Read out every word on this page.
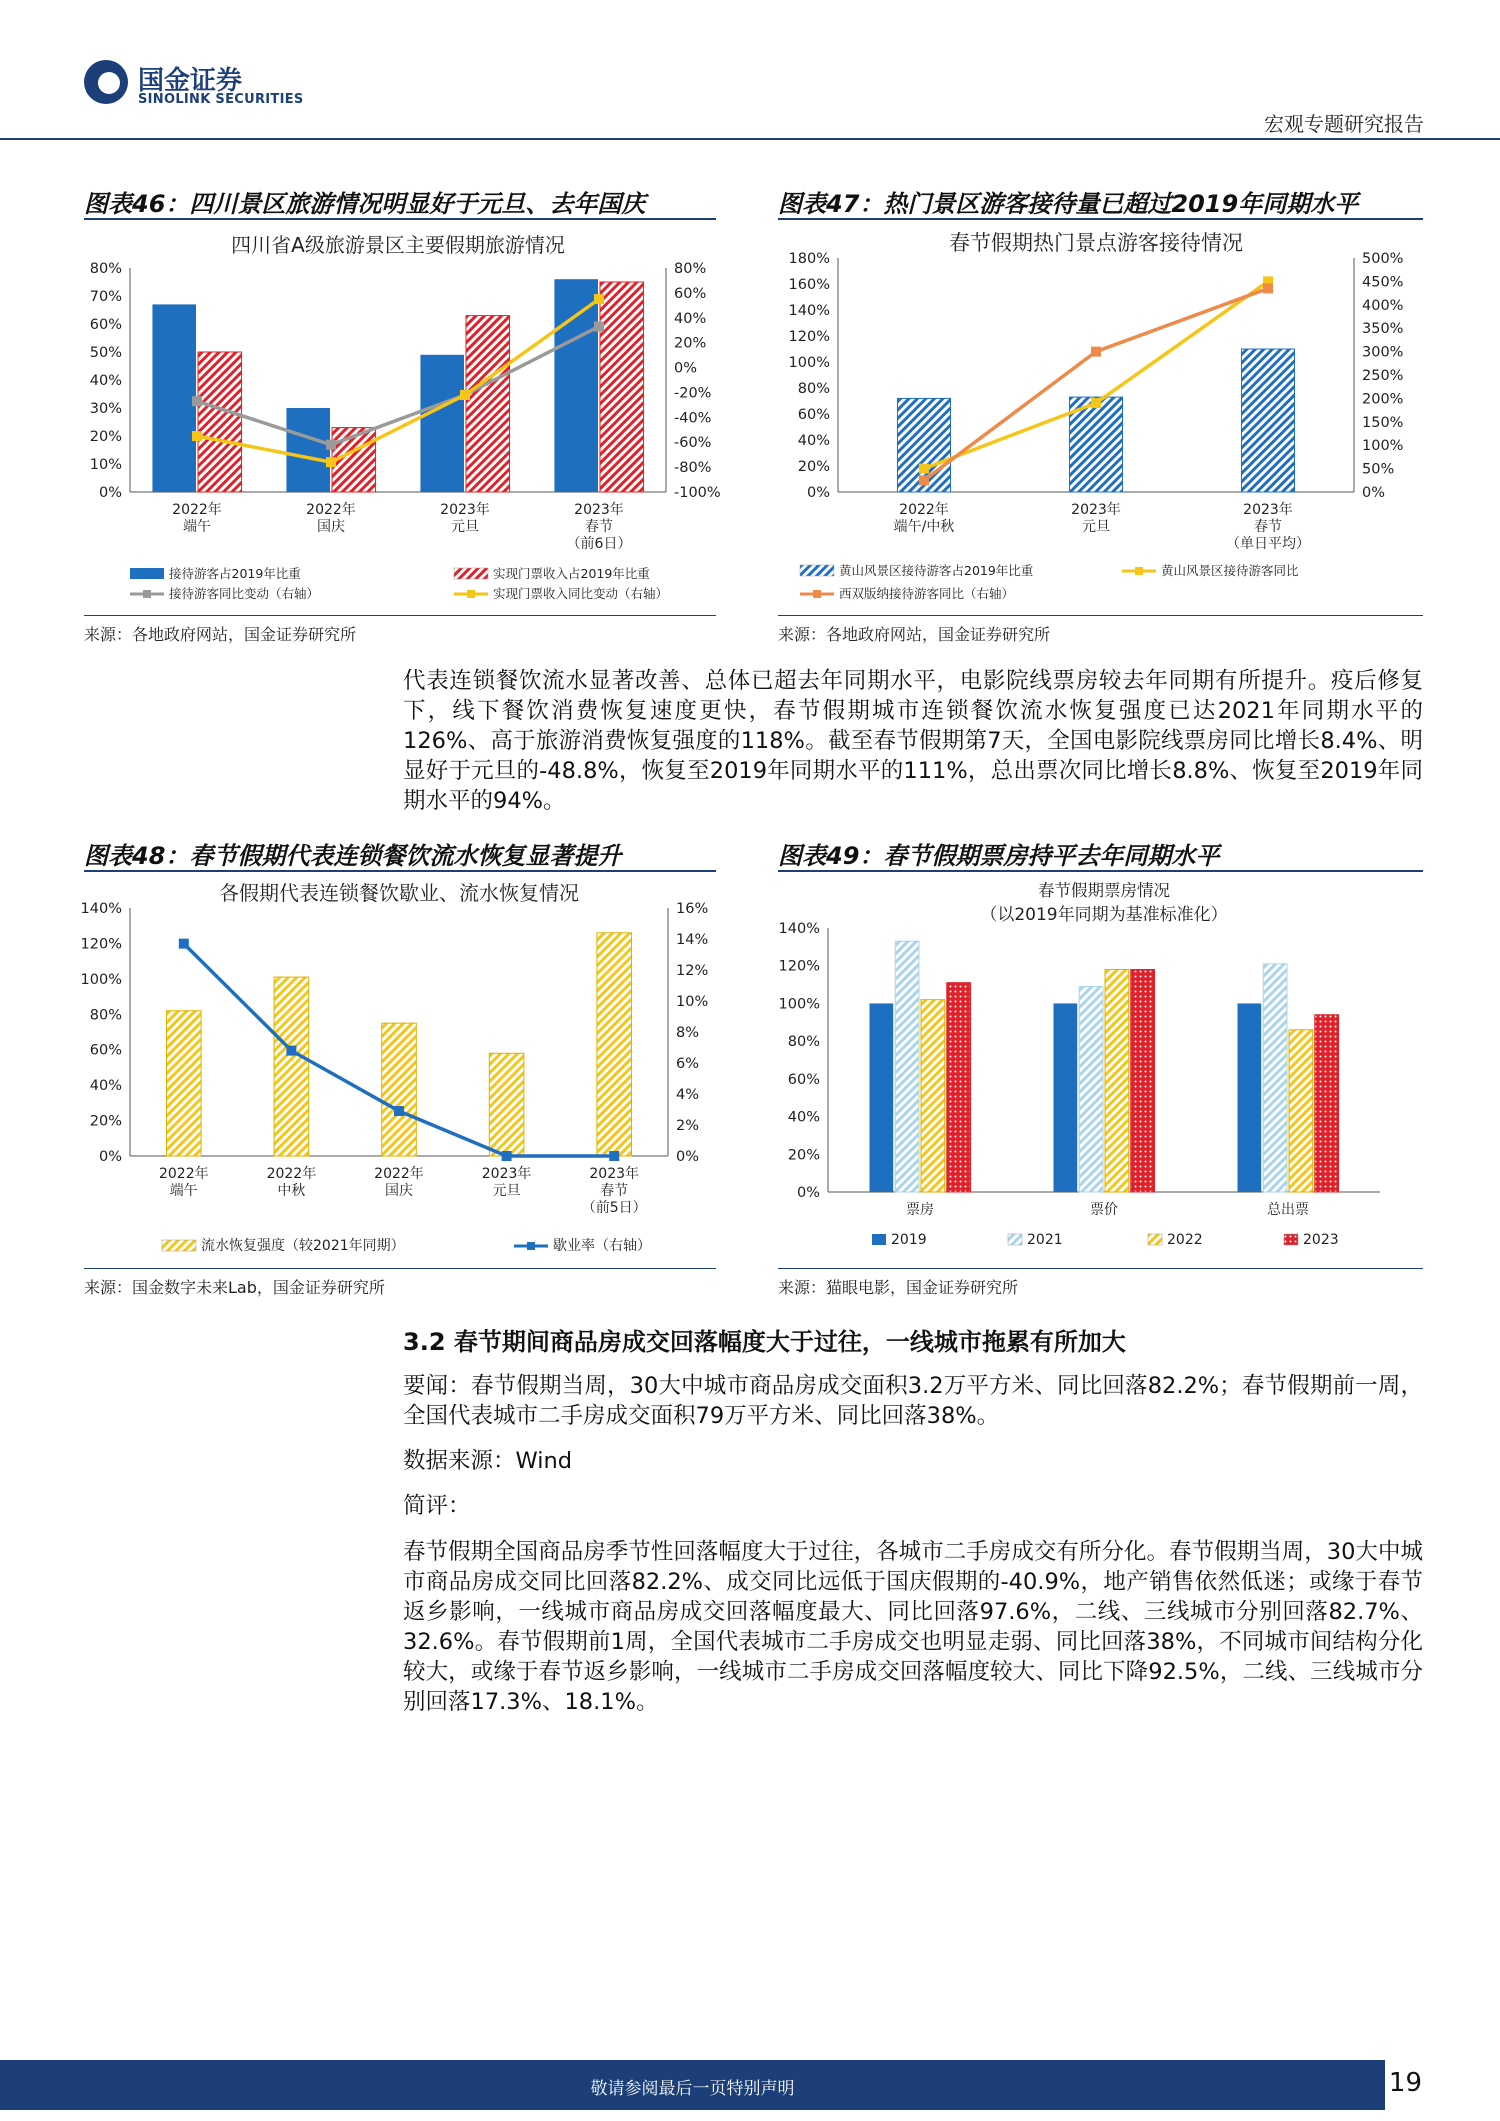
国金证券
SINOLINK SECURITIES
宏观专题研究报告
图表46：四川景区旅游情况明显好于元旦、去年国庆
四川省A级旅游景区主要假期旅游情况
0%
10%
20%
30%
40%
50%
60%
70%
80%
-100%
-80%
-60%
-40%
-20%
0%
20%
40%
60%
80%
2022年
端午
2022年
国庆
2023年
元旦
2023年
春节
（前6日）
接待游客占2019年比重	实现门票收入占2019年比重
接待游客同比变动（右轴）	实现门票收入同比变动（右轴）
来源：各地政府网站，国金证券研究所
图表47：热门景区游客接待量已超过2019年同期水平
春节假期热门景点游客接待情况
0%
20%
40%
60%
80%
100%
120%
140%
160%
180%
0%
50%
100%
150%
200%
250%
300%
350%
400%
450%
500%
2022年
端午/中秋
2023年
元旦
2023年
春节
（单日平均）
黄山风景区接待游客占2019年比重	黄山风景区接待游客同比
西双版纳接待游客同比（右轴）
来源：各地政府网站，国金证券研究所
代表连锁餐饮流水显著改善、总体已超去年同期水平，电影院线票房较去年同期有所提升。疫后修复下，线下餐饮消费恢复速度更快，春节假期城市连锁餐饮流水恢复强度已达2021年同期水平的126%、高于旅游消费恢复强度的118%。截至春节假期第7天，全国电影院线票房同比增长8.4%、明显好于元旦的-48.8%，恢复至2019年同期水平的111%，总出票次同比增长8.8%、恢复至2019年同期水平的94%。
图表48：春节假期代表连锁餐饮流水恢复显著提升
各假期代表连锁餐饮歇业、流水恢复情况
0%
20%
40%
60%
80%
100%
120%
140%
0%
2%
4%
6%
8%
10%
12%
14%
16%
2022年
端午
2022年
中秋
2022年
国庆
2023年
元旦
2023年
春节
（前5日）
流水恢复强度（较2021年同期）	歇业率（右轴）
来源：国金数字未来Lab，国金证券研究所
图表49：春节假期票房持平去年同期水平
春节假期票房情况
（以2019年同期为基准标准化）
0%
20%
40%
60%
80%
100%
120%
140%
票房	票价	总出票
2019	2021	2022	2023
来源：猫眼电影，国金证券研究所
3.2 春节期间商品房成交回落幅度大于过往，一线城市拖累有所加大
要闻：春节假期当周，30大中城市商品房成交面积3.2万平方米、同比回落82.2%；春节假期前一周，全国代表城市二手房成交面积79万平方米、同比回落38%。
数据来源：Wind
简评：
春节假期全国商品房季节性回落幅度大于过往，各城市二手房成交有所分化。春节假期当周，30大中城市商品房成交同比回落82.2%、成交同比远低于国庆假期的-40.9%，地产销售依然低迷；或缘于春节返乡影响，一线城市商品房成交回落幅度最大、同比回落97.6%，二线、三线城市分别回落82.7%、32.6%。春节假期前1周，全国代表城市二手房成交也明显走弱、同比回落38%，不同城市间结构分化较大，或缘于春节返乡影响，一线城市二手房成交回落幅度较大、同比下降92.5%，二线、三线城市分别回落17.3%、18.1%。
敬请参阅最后一页特别声明	19
